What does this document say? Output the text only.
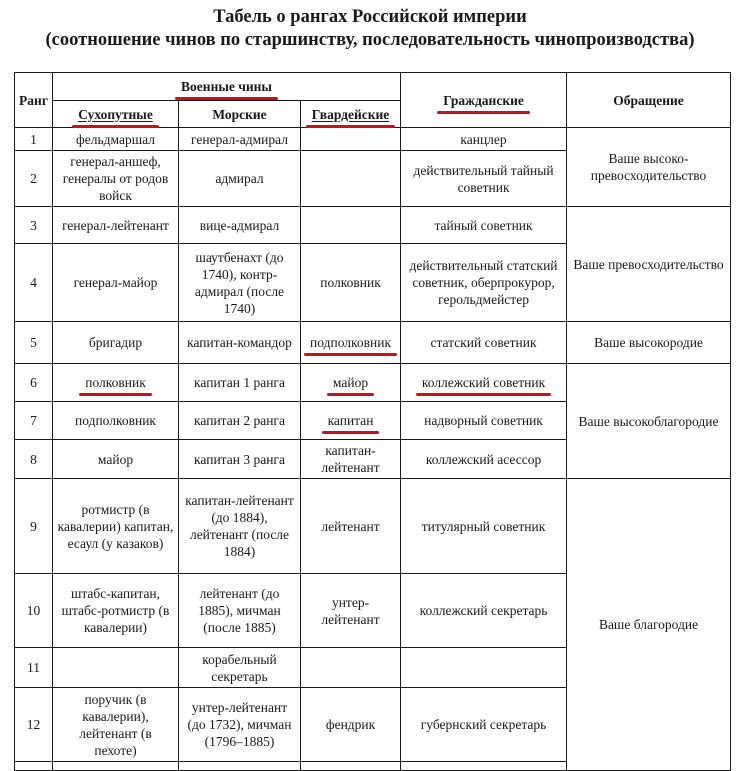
Табель о рангах Российской империи
(соотношение чинов по старшинству, последовательность чинопроизводства)
Ранг	Военные чины			Гражданские	Обращение
	Сухопутные	Морские	Гвардейские		
1	фельдмаршал	генерал-адмирал		канцлер	Ваше высоко-превосходительство
2	генерал-аншеф, генералы от родов войск	адмирал		действительный тайный советник	
3	генерал-лейтенант	вице-адмирал		тайный советник	Ваше превосходительство
4	генерал-майор	шаутбенахт (до 1740), контр-адмирал (после 1740)	полковник	действительный статский советник, оберпрокурор, герольдмейстер	
5	бригадир	капитан-командор	подполковник	статский советник	Ваше высокородие
6	полковник	капитан 1 ранга	майор	коллежский советник	Ваше высокоблагородие
7	подполковник	капитан 2 ранга	капитан	надворный советник	
8	майор	капитан 3 ранга	капитан-лейтенант	коллежский асессор	
9	ротмистр (в кавалерии) капитан, есаул (у казаков)	капитан-лейтенант (до 1884), лейтенант (после 1884)	лейтенант	титулярный советник	Ваше благородие
10	штабс-капитан, штабс-ротмистр (в кавалерии)	лейтенант (до 1885), мичман (после 1885)	унтер-лейтенант	коллежский секретарь	
11		корабельный секретарь			
12	поручик (в кавалерии), лейтенант (в пехоте)	унтер-лейтенант (до 1732), мичман (1796–1885)	фендрик	губернский секретарь	
